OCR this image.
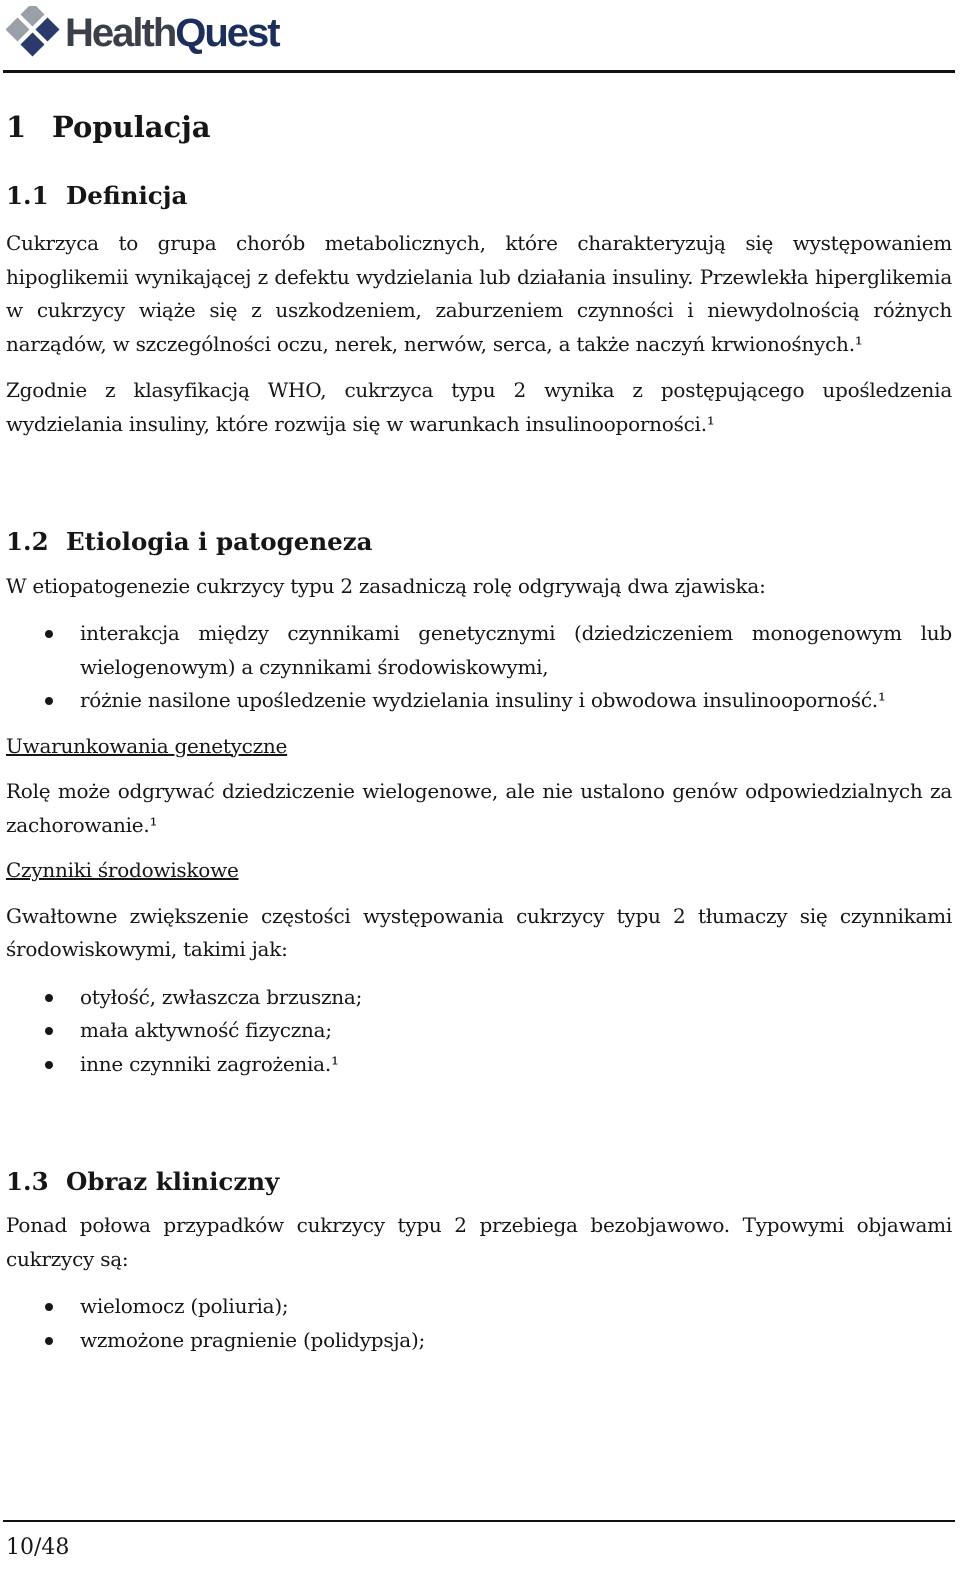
HealthQuest
1 Populacja
1.1 Definicja

Cukrzyca to grupa chorób metabolicznych, które charakteryzują się występowaniem hipoglikemii wynikającej z defektu wydzielania lub działania insuliny. Przewlekła hiperglikemia w cukrzycy wiąże się z uszkodzeniem, zaburzeniem czynności i niewydolnością różnych narządów, w szczególności oczu, nerek, nerwów, serca, a także naczyń krwionośnych.¹

Zgodnie z klasyfikacją WHO, cukrzyca typu 2 wynika z postępującego upośledzenia wydzielania insuliny, które rozwija się w warunkach insulinooporności.¹

1.2 Etiologia i patogeneza

W etiopatogenezie cukrzycy typu 2 zasadniczą rolę odgrywają dwa zjawiska:

interakcja między czynnikami genetycznymi (dziedziczeniem monogenowym lub wielogenowym) a czynnikami środowiskowymi,
różnie nasilone upośledzenie wydzielania insuliny i obwodowa insulinooporność.¹
Uwarunkowania genetyczne

Rolę może odgrywać dziedziczenie wielogenowe, ale nie ustalono genów odpowiedzialnych za zachorowanie.¹

Czynniki środowiskowe

Gwałtowne zwiększenie częstości występowania cukrzycy typu 2 tłumaczy się czynnikami środowiskowymi, takimi jak:

otyłość, zwłaszcza brzuszna;
mała aktywność fizyczna;
inne czynniki zagrożenia.¹
1.3 Obraz kliniczny

Ponad połowa przypadków cukrzycy typu 2 przebiega bezobjawowo. Typowymi objawami cukrzycy są:

wielomocz (poliuria);
wzmożone pragnienie (polidypsja);
10/48
